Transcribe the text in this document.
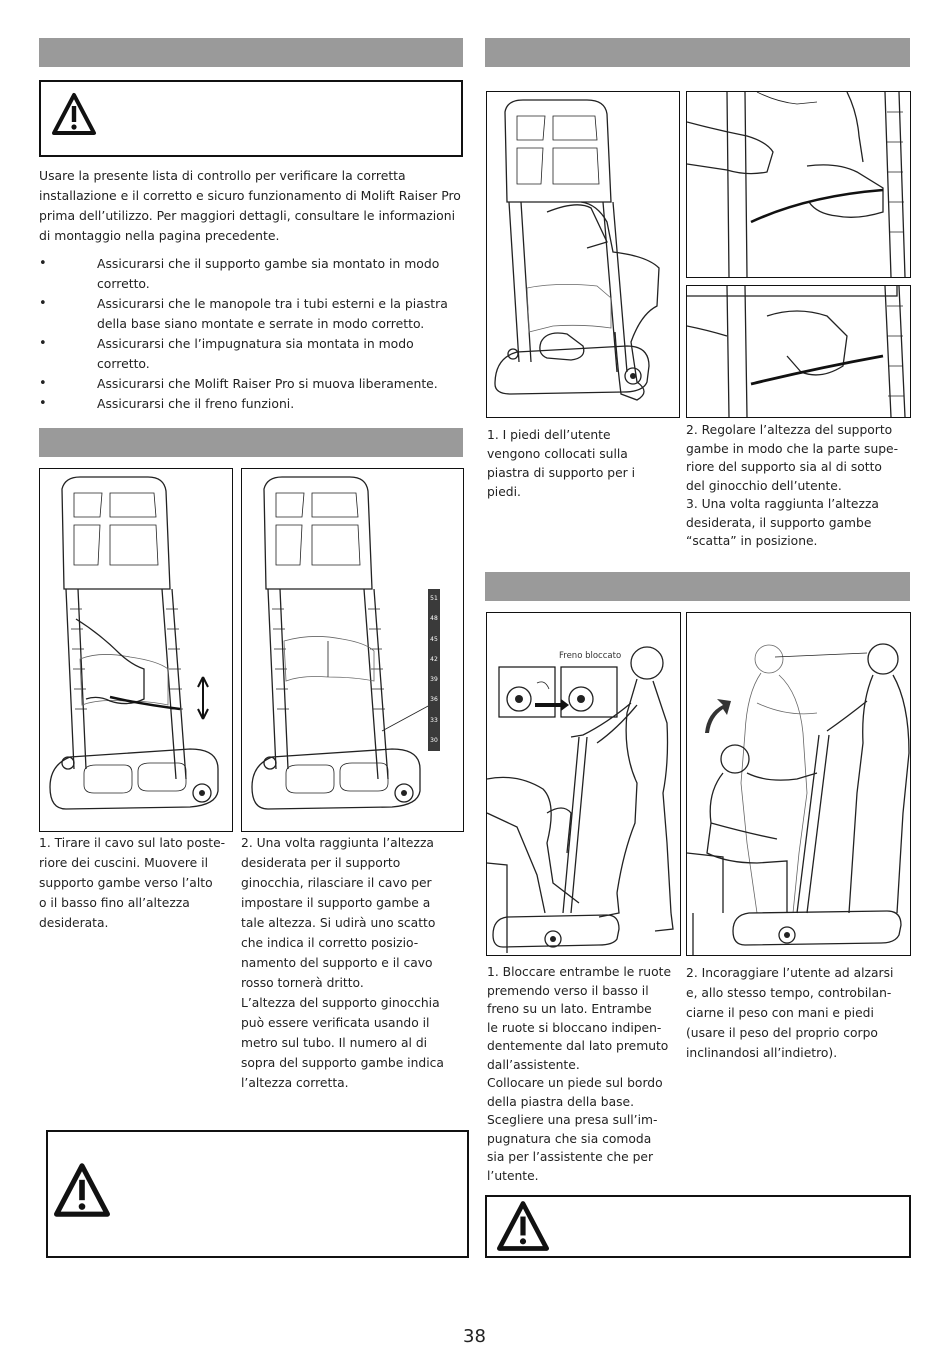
Usare la presente lista di controllo per verificare la corretta installazione e il corretto e sicuro funzionamento di Molift Raiser Pro prima dell’utilizzo. Per maggiori dettagli, consultare le informazioni di montaggio nella pagina precedente.
• Assicurarsi che il supporto gambe sia montato in modo corretto.
• Assicurarsi che le manopole tra i tubi esterni e la piastra della base siano montate e serrate in modo corretto.
• Assicurarsi che l’impugnatura sia montata in modo corretto.
• Assicurarsi che Molift Raiser Pro si muova liberamente.
• Assicurarsi che il freno funzioni.
51
48
45
42
39
36
33
30
1. Tirare il cavo sul lato poste-
riore dei cuscini. Muovere il
supporto gambe verso l’alto
o il basso fino all’altezza
desiderata.
2. Una volta raggiunta l’altezza
desiderata per il supporto
ginocchia, rilasciare il cavo per
impostare il supporto gambe a
tale altezza. Si udirà uno scatto
che indica il corretto posizio-
namento del supporto e il cavo
rosso tornerà dritto.
L’altezza del supporto ginocchia
può essere verificata usando il
metro sul tubo. Il numero al di
sopra del supporto gambe indica
l’altezza corretta.
1. I piedi dell’utente
vengono collocati sulla
piastra di supporto per i
piedi.
2. Regolare l’altezza del supporto
gambe in modo che la parte supe-
riore del supporto sia al di sotto
del ginocchio dell’utente.
3. Una volta raggiunta l’altezza
desiderata, il supporto gambe
“scatta” in posizione.
Freno bloccato
1. Bloccare entrambe le ruote
premendo verso il basso il
freno su un lato. Entrambe
le ruote si bloccano indipen-
dentemente dal lato premuto
dall’assistente.
Collocare un piede sul bordo
della piastra della base.
Scegliere una presa sull’im-
pugnatura che sia comoda
sia per l’assistente che per
l’utente.
2. Incoraggiare l’utente ad alzarsi
e, allo stesso tempo, controbilan-
ciarne il peso con mani e piedi
(usare il peso del proprio corpo
inclinandosi all’indietro).
38
